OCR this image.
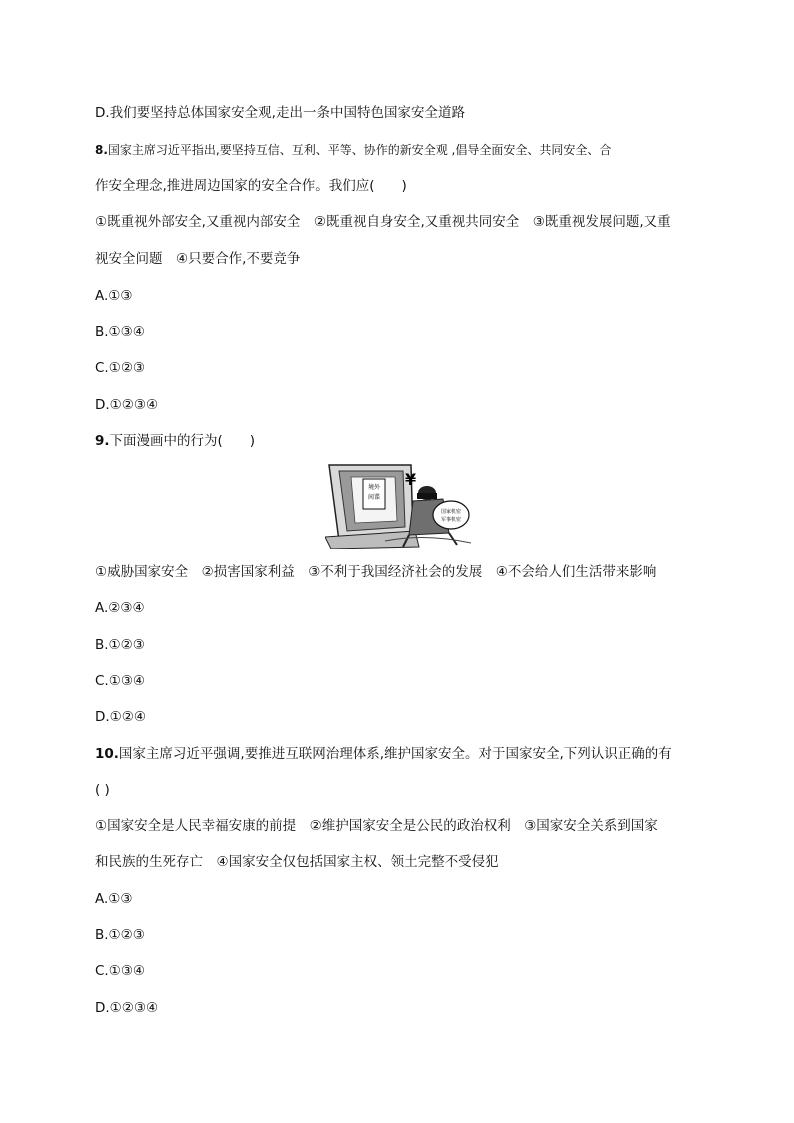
D.我们要坚持总体国家安全观,走出一条中国特色国家安全道路
8.国家主席习近平指出,要坚持互信、互利、平等、协作的新安全观 ,倡导全面安全、共同安全、合
作安全理念,推进周边国家的安全合作。我们应(　　)
①既重视外部安全,又重视内部安全　②既重视自身安全,又重视共同安全　③既重视发展问题,又重
视安全问题　④只要合作,不要竞争
A.①③
B.①③④
C.①②③
D.①②③④
9.下面漫画中的行为(　　)
境外
间谍
¥
国家机密
军事机密
①威胁国家安全　②损害国家利益　③不利于我国经济社会的发展　④不会给人们生活带来影响
A.②③④
B.①②③
C.①③④
D.①②④
10.国家主席习近平强调,要推进互联网治理体系,维护国家安全。对于国家安全,下列认识正确的有
( )
①国家安全是人民幸福安康的前提　②维护国家安全是公民的政治权利　③国家安全关系到国家
和民族的生死存亡　④国家安全仅包括国家主权、领土完整不受侵犯
A.①③
B.①②③
C.①③④
D.①②③④
